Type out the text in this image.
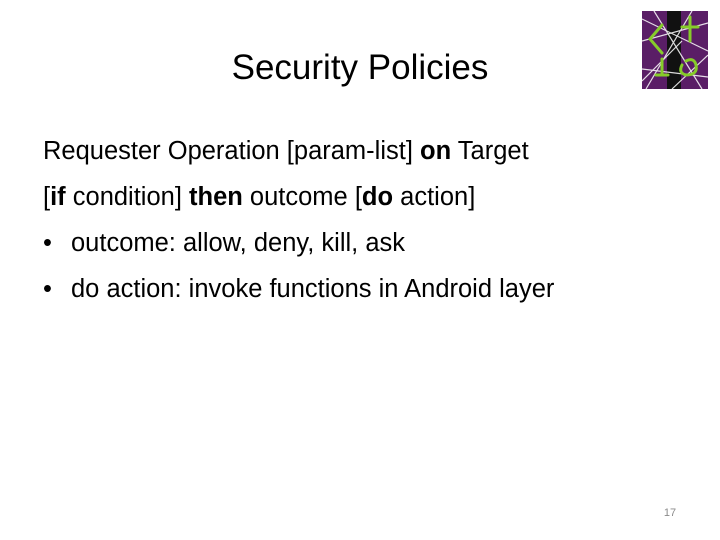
Security Policies
Requester Operation [param-list] on Target
[if condition] then outcome [do action]
• outcome: allow, deny, kill, ask
• do action: invoke functions in Android layer
17
